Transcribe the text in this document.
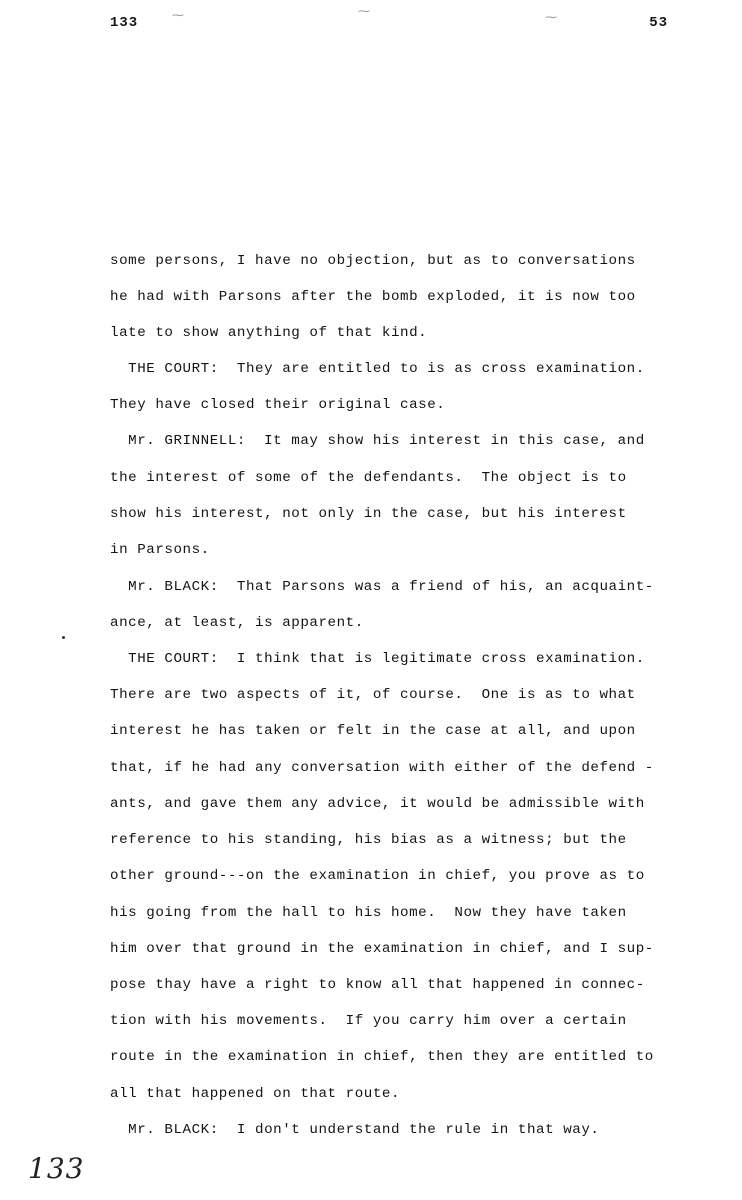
133	53
⁓	⁓	⁓
some persons, I have no objection, but as to conversations
he had with Parsons after the bomb exploded, it is now too
late to show anything of that kind.
THE COURT:  They are entitled to is as cross examination.
They have closed their original case.
Mr. GRINNELL:  It may show his interest in this case, and
the interest of some of the defendants.  The object is to
show his interest, not only in the case, but his interest
in Parsons.
Mr. BLACK:  That Parsons was a friend of his, an acquaint-
ance, at least, is apparent.
THE COURT:  I think that is legitimate cross examination.
There are two aspects of it, of course.  One is as to what
interest he has taken or felt in the case at all, and upon
that, if he had any conversation with either of the defend -
ants, and gave them any advice, it would be admissible with
reference to his standing, his bias as a witness; but the
other ground---on the examination in chief, you prove as to
his going from the hall to his home.  Now they have taken
him over that ground in the examination in chief, and I sup-
pose thay have a right to know all that happened in connec-
tion with his movements.  If you carry him over a certain
route in the examination in chief, then they are entitled to
all that happened on that route.
Mr. BLACK:  I don't understand the rule in that way.
133
